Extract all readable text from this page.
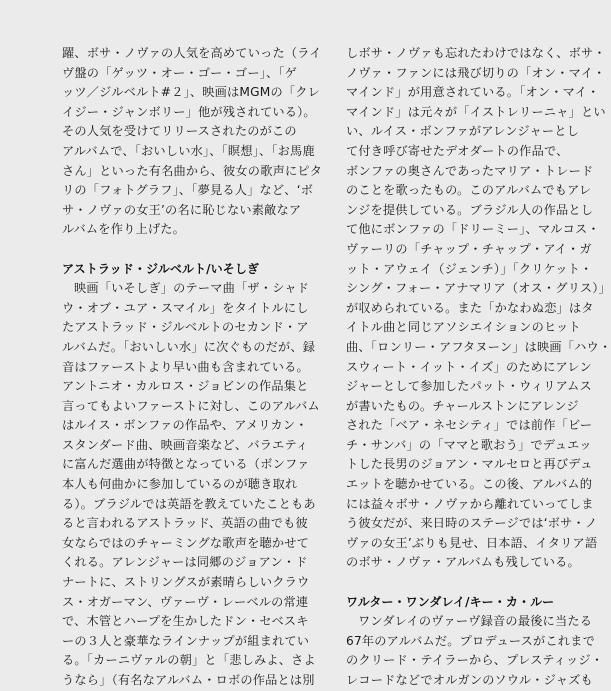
躍、ボサ・ノヴァの人気を高めていった（ライ
ヴ盤の「ゲッツ・オー・ゴー・ゴー」、「ゲ
ッツ／ジルベルト#２」、映画はMGMの「クレ
イジー・ジャンボリー」他が残されている）。
その人気を受けてリリースされたのがこの
アルバムで、「おいしい水」、「瞑想」、「お馬鹿
さん」といった有名曲から、彼女の歌声にピタ
リの「フォトグラフ」、「夢見る人」など、‘ボ
サ・ノヴァの女王’の名に恥じない素敵なア
ルバムを作り上げた。
アストラッド・ジルベルト/いそしぎ
映画「いそしぎ」のテーマ曲「ザ・シャド
ウ・オブ・ユア・スマイル」をタイトルにし
たアストラッド・ジルベルトのセカンド・ア
ルバムだ。「おいしい水」に次ぐものだが、録
音はファーストより早い曲も含まれている。
アントニオ・カルロス・ジョビンの作品集と
言ってもよいファーストに対し、このアルバム
はルイス・ボンファの作品や、アメリカン・
スタンダード曲、映画音楽など、バラエティ
に富んだ選曲が特徴となっている（ボンファ
本人も何曲かに参加しているのが聴き取れ
る）。ブラジルでは英語を教えていたこともあ
ると言われるアストラッド、英語の曲でも彼
女ならではのチャーミングな歌声を聴かせて
くれる。アレンジャーは同郷のジョアン・ド
ナートに、ストリングスが素晴らしいクラウ
ス・オガーマン、ヴァーヴ・レーベルの常連
で、木管とハープを生かしたドン・セベスキ
ーの３人と豪華なラインナップが組まれてい
る。「カーニヴァルの朝」と「悲しみよ、さよ
うなら」（有名なアルバム・ロボの作品とは別
しボサ・ノヴァも忘れたわけではなく、ボサ・
ノヴァ・ファンには飛び切りの「オン・マイ・
マインド」が用意されている。「オン・マイ・
マインド」は元々が「イストレリーニャ」とい
い、ルイス・ボンファがアレンジャーとし
て付き呼び寄せたデオダートの作品で、
ボンファの奥さんであったマリア・トレード
のことを歌ったもの。このアルバムでもアレ
ンジを提供している。ブラジル人の作品とし
て他にボンファの「ドリーミー」、マルコス・
ヴァーリの「チャップ・チャップ・アイ・ガ
ット・アウェイ（ジェンチ）」「クリケット・
シング・フォー・アナマリア（オス・グリス）」
が収められている。また「かなわぬ恋」はタ
イトル曲と同じアソシエイションのヒット
曲、「ロンリー・アフタヌーン」は映画「ハウ・
スウィート・イット・イズ」のためにアレン
ジャーとして参加したパット・ウィリアムス
が書いたもの。チャールストンにアレンジ
された「ベア・ネセシティ」では前作「ビー
チ・サンバ」の「ママと歌おう」でデュエッ
トした長男のジョアン・マルセロと再びデュ
エットを聴かせている。この後、アルバム的
には益々ボサ・ノヴァから離れていってしま
う彼女だが、来日時のステージでは‘ボサ・ノ
ヴァの女王’ぶりも見せ、日本語、イタリア語
のボサ・ノヴァ・アルバムも残している。
ワルター・ワンダレイ/キー・カ・ルー
ワンダレイのヴァーヴ録音の最後に当たる
67年のアルバムだ。プロデュースがこれまで
のクリード・テイラーから、プレスティッジ・
レコードなどでオルガンのソウル・ジャズも
